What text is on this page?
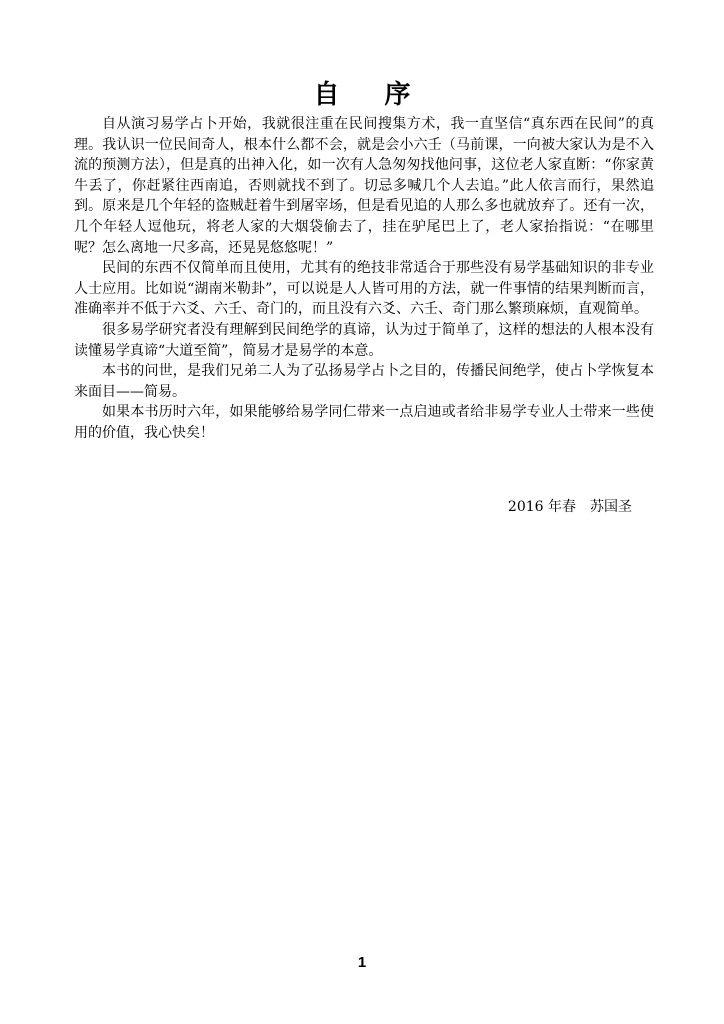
自 序

自从演习易学占卜开始，我就很注重在民间搜集方术，我一直坚信“真东西在民间”的真理。我认识一位民间奇人，根本什么都不会，就是会小六壬（马前课，一向被大家认为是不入流的预测方法），但是真的出神入化，如一次有人急匆匆找他问事，这位老人家直断：“你家黄牛丢了，你赶紧往西南追，否则就找不到了。切忌多喊几个人去追。”此人依言而行，果然追到。原来是几个年轻的盗贼赶着牛到屠宰场，但是看见追的人那么多也就放弃了。还有一次，几个年轻人逗他玩，将老人家的大烟袋偷去了，挂在驴尾巴上了，老人家抬指说：“在哪里呢？怎么离地一尺多高，还晃晃悠悠呢！”

民间的东西不仅简单而且使用，尤其有的绝技非常适合于那些没有易学基础知识的非专业人士应用。比如说“湖南米勒卦”，可以说是人人皆可用的方法，就一件事情的结果判断而言，准确率并不低于六爻、六壬、奇门的，而且没有六爻、六壬、奇门那么繁琐麻烦，直观简单。

很多易学研究者没有理解到民间绝学的真谛，认为过于简单了，这样的想法的人根本没有读懂易学真谛“大道至简”，简易才是易学的本意。

本书的问世，是我们兄弟二人为了弘扬易学占卜之目的，传播民间绝学，使占卜学恢复本来面目——简易。

如果本书历时六年，如果能够给易学同仁带来一点启迪或者给非易学专业人士带来一些使用的价值，我心快矣！

2016 年春 苏国圣
1
